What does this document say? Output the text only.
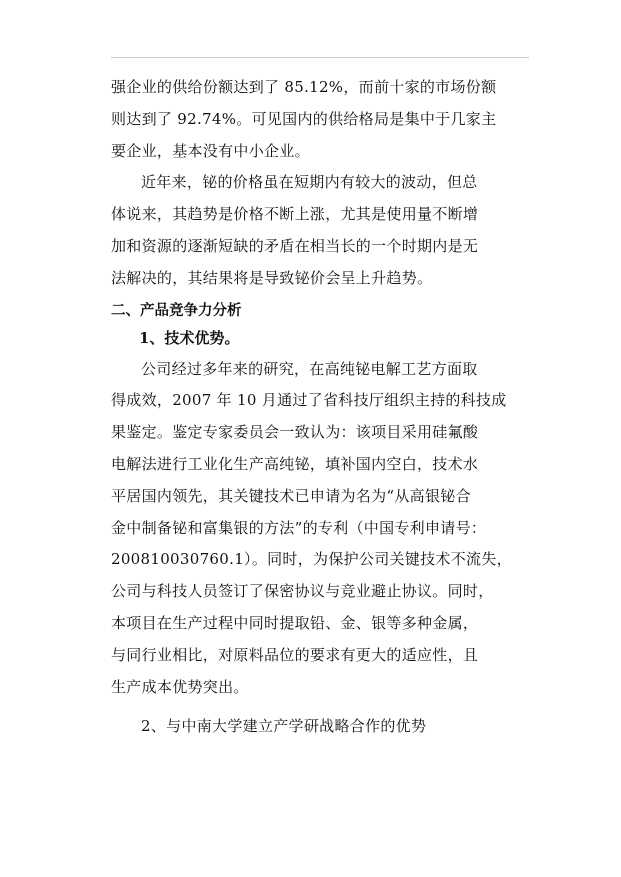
强企业的供给份额达到了 85.12%，而前十家的市场份额
则达到了 92.74%。可见国内的供给格局是集中于几家主
要企业，基本没有中小企业。

近年来，铋的价格虽在短期内有较大的波动，但总
体说来，其趋势是价格不断上涨，尤其是使用量不断增
加和资源的逐渐短缺的矛盾在相当长的一个时期内是无
法解决的，其结果将是导致铋价会呈上升趋势。

二、产品竞争力分析
1、技术优势。

公司经过多年来的研究，在高纯铋电解工艺方面取
得成效，2007 年 10 月通过了省科技厅组织主持的科技成
果鉴定。鉴定专家委员会一致认为：该项目采用硅氟酸
电解法进行工业化生产高纯铋，填补国内空白，技术水
平居国内领先，其关键技术已申请为名为“从高银铋合
金中制备铋和富集银的方法”的专利（中国专利申请号：
200810030760.1）。同时，为保护公司关键技术不流失，
公司与科技人员签订了保密协议与竞业避止协议。同时，
本项目在生产过程中同时提取铅、金、银等多种金属，
与同行业相比，对原料品位的要求有更大的适应性，且
生产成本优势突出。

2、与中南大学建立产学研战略合作的优势
